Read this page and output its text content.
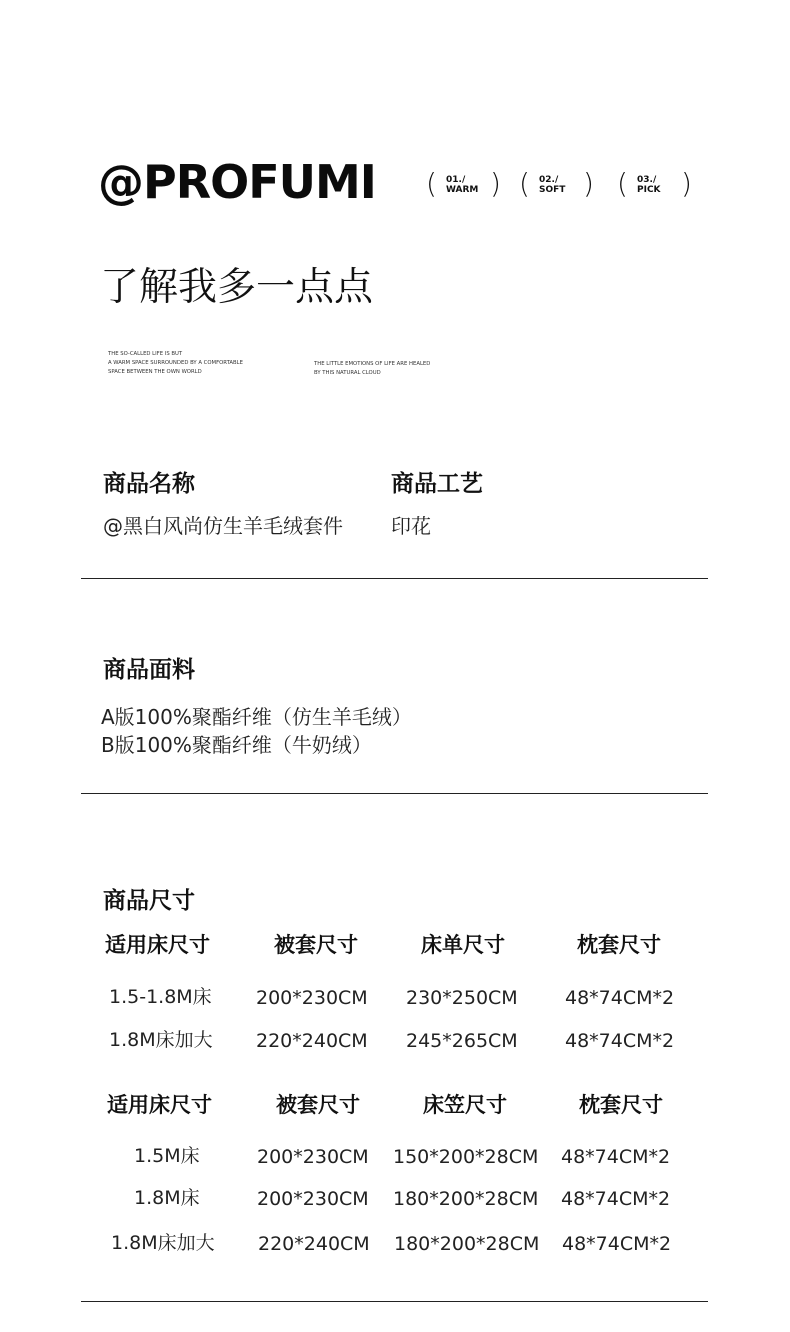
@PROFUMI ( 01./
WARM ) ( 02./
SOFT ) ( 03./
PICK )
了解我多一点点
THE SO-CALLED LIFE IS BUT
A WARM SPACE SURROUNDED BY A COMFORTABLE
SPACE BETWEEN THE OWN WORLD
THE LITTLE EMOTIONS OF LIFE ARE HEALED
BY THIS NATURAL CLOUD
商品名称
@黑白风尚仿生羊毛绒套件
商品工艺
印花
商品面料
A版100%聚酯纤维（仿生羊毛绒）
B版100%聚酯纤维（牛奶绒）
商品尺寸
适用床尺寸	被套尺寸	床单尺寸	枕套尺寸
1.5-1.8M床 200*230CM 230*250CM 48*74CM*2
1.8M床加大 220*240CM 245*265CM 48*74CM*2
适用床尺寸	被套尺寸	床笠尺寸	枕套尺寸
1.5M床	200*230CM 150*200*28CM 48*74CM*2
1.8M床	200*230CM 180*200*28CM 48*74CM*2
1.8M床加大 220*240CM 180*200*28CM 48*74CM*2
